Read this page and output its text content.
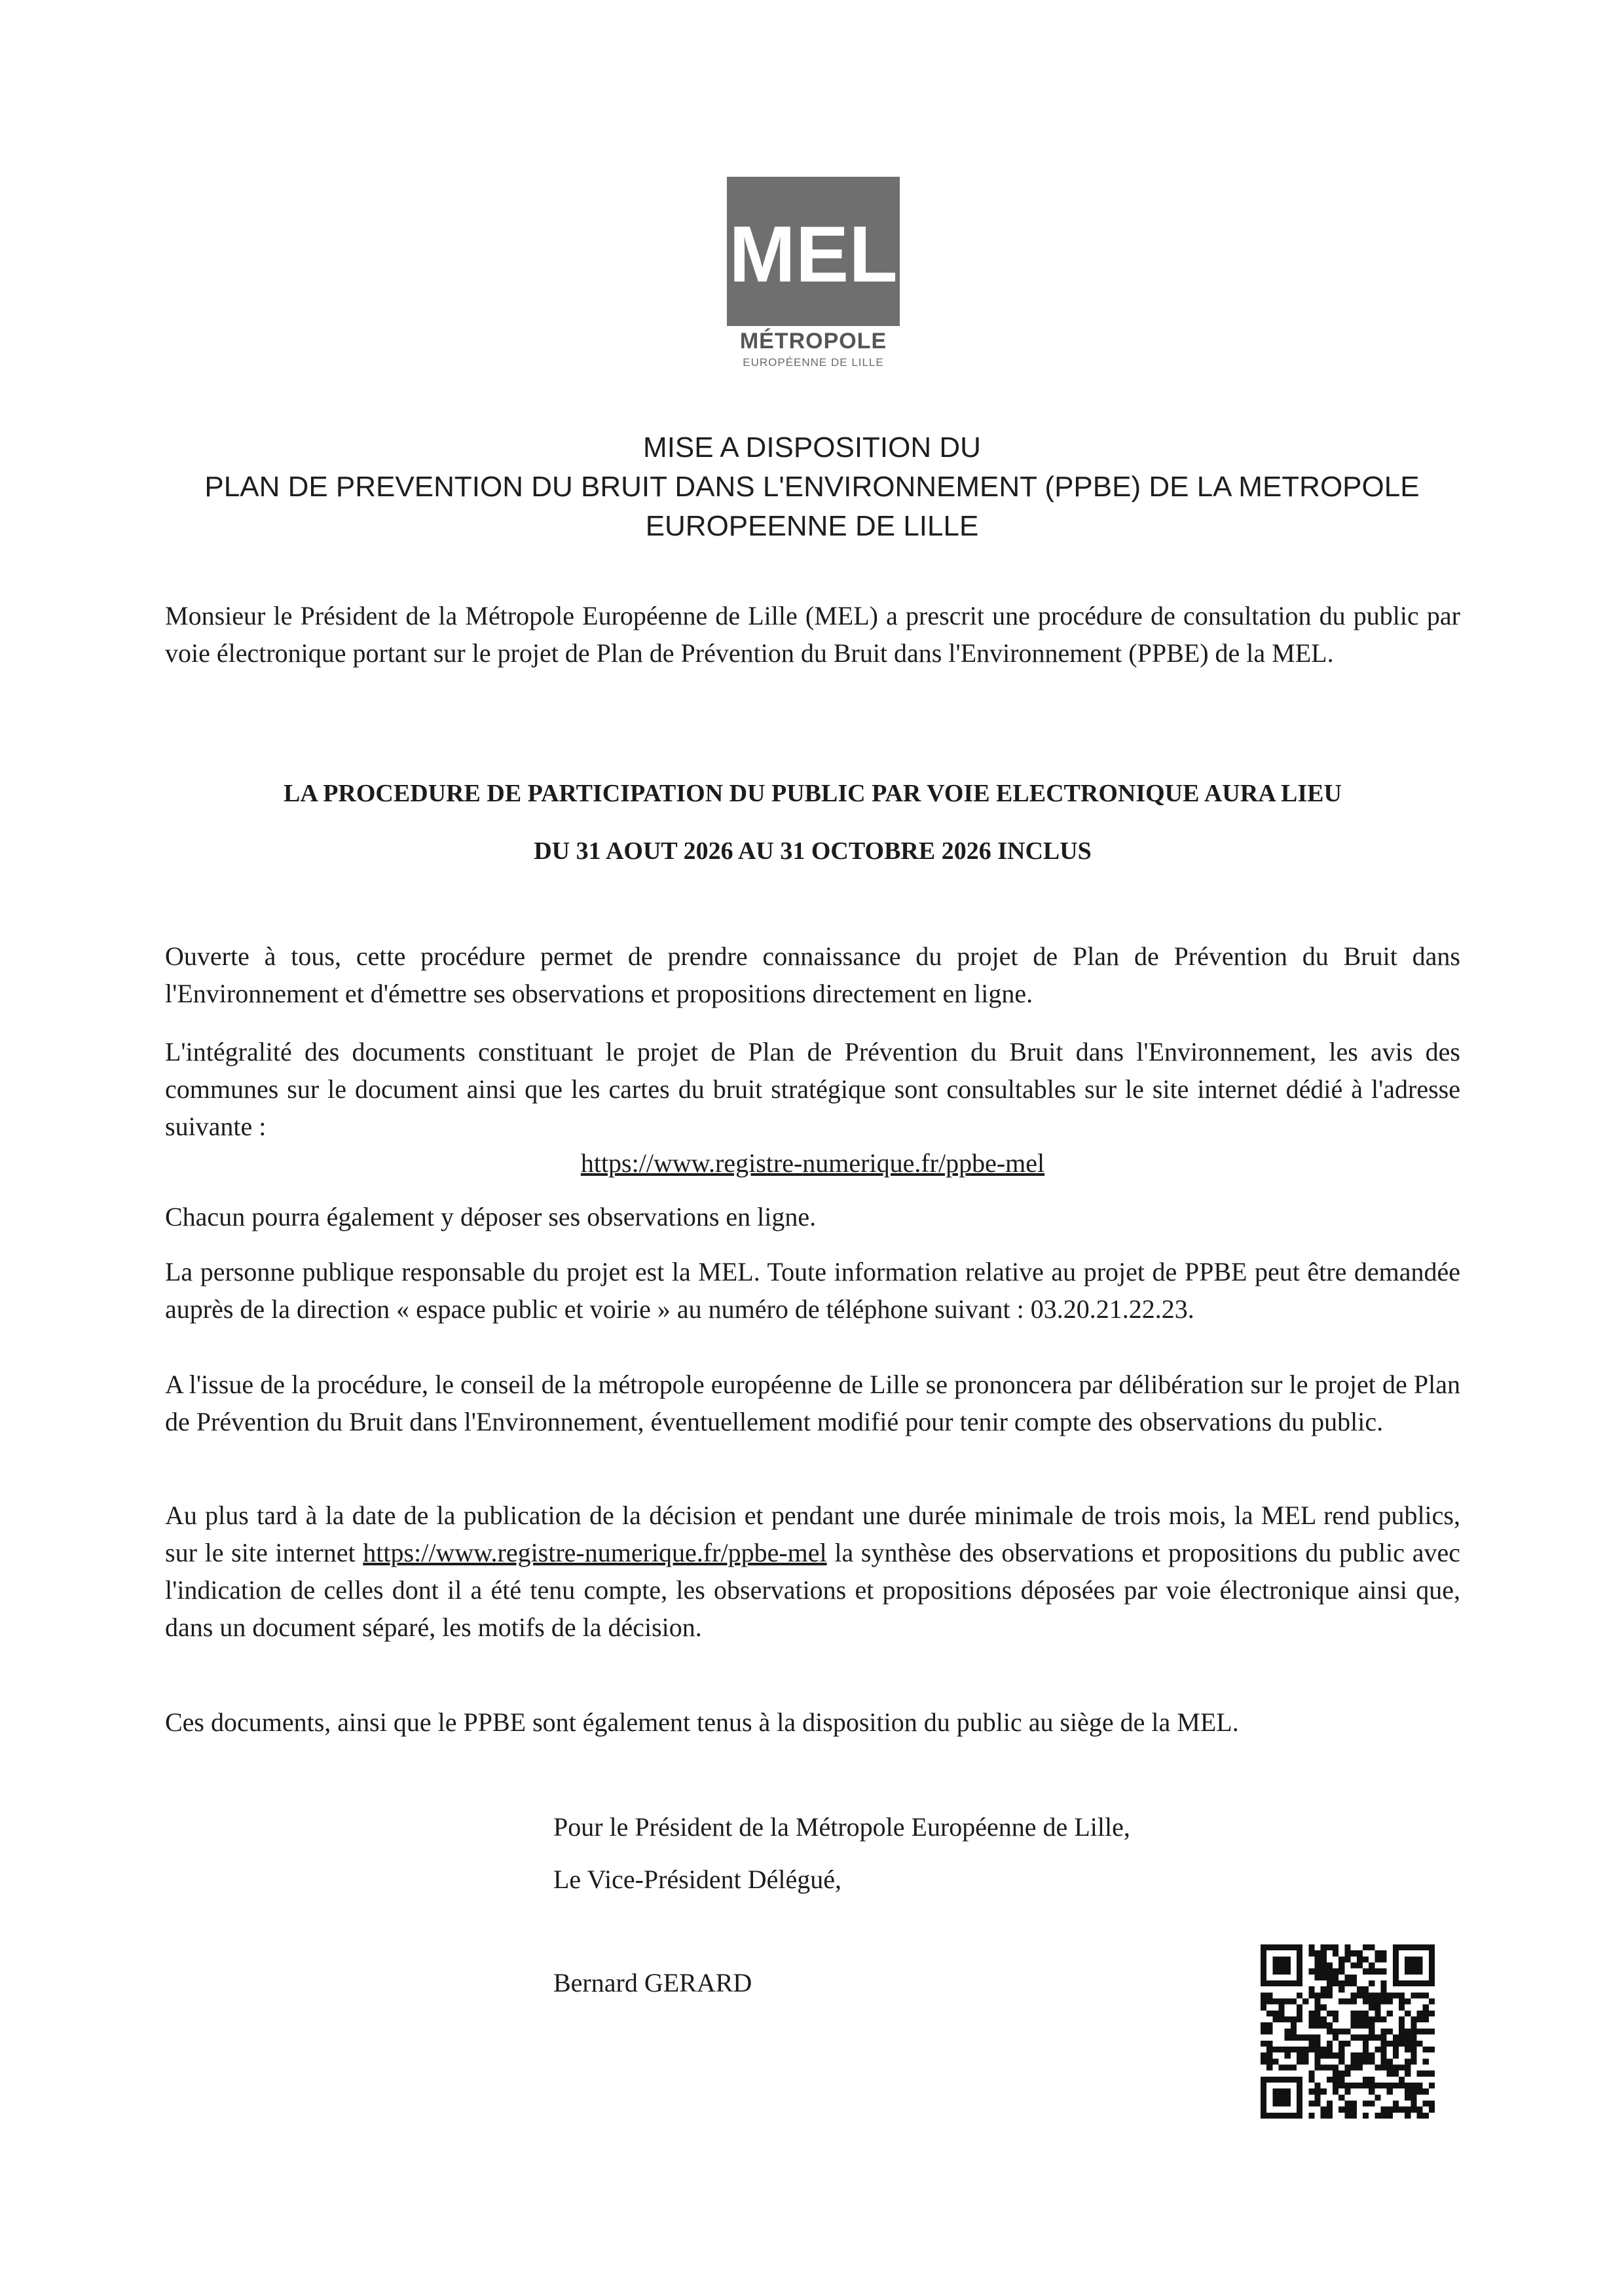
MEL
MÉTROPOLE
EUROPÉENNE DE LILLE
MISE A DISPOSITION DU
PLAN DE PREVENTION DU BRUIT DANS L'ENVIRONNEMENT (PPBE) DE LA METROPOLE
EUROPEENNE DE LILLE

Monsieur le Président de la Métropole Européenne de Lille (MEL) a prescrit une procédure de consultation du public par voie électronique portant sur le projet de Plan de Prévention du Bruit dans l'Environnement (PPBE) de la MEL.

LA PROCEDURE DE PARTICIPATION DU PUBLIC PAR VOIE ELECTRONIQUE AURA LIEU
DU 31 AOUT 2026 AU 31 OCTOBRE 2026 INCLUS

Ouverte à tous, cette procédure permet de prendre connaissance du projet de Plan de Prévention du Bruit dans l'Environnement et d'émettre ses observations et propositions directement en ligne.

L'intégralité des documents constituant le projet de Plan de Prévention du Bruit dans l'Environnement, les avis des communes sur le document ainsi que les cartes du bruit stratégique sont consultables sur le site internet dédié à l'adresse suivante :

https://www.registre-numerique.fr/ppbe-mel

Chacun pourra également y déposer ses observations en ligne.

La personne publique responsable du projet est la MEL. Toute information relative au projet de PPBE peut être demandée auprès de la direction « espace public et voirie » au numéro de téléphone suivant : 03.20.21.22.23.

A l'issue de la procédure, le conseil de la métropole européenne de Lille se prononcera par délibération sur le projet de Plan de Prévention du Bruit dans l'Environnement, éventuellement modifié pour tenir compte des observations du public.

Au plus tard à la date de la publication de la décision et pendant une durée minimale de trois mois, la MEL rend publics, sur le site internet https://www.registre-numerique.fr/ppbe-mel la synthèse des observations et propositions du public avec l'indication de celles dont il a été tenu compte, les observations et propositions déposées par voie électronique ainsi que, dans un document séparé, les motifs de la décision.

Ces documents, ainsi que le PPBE sont également tenus à la disposition du public au siège de la MEL.

Pour le Président de la Métropole Européenne de Lille,
Le Vice-Président Délégué,
Bernard GERARD
